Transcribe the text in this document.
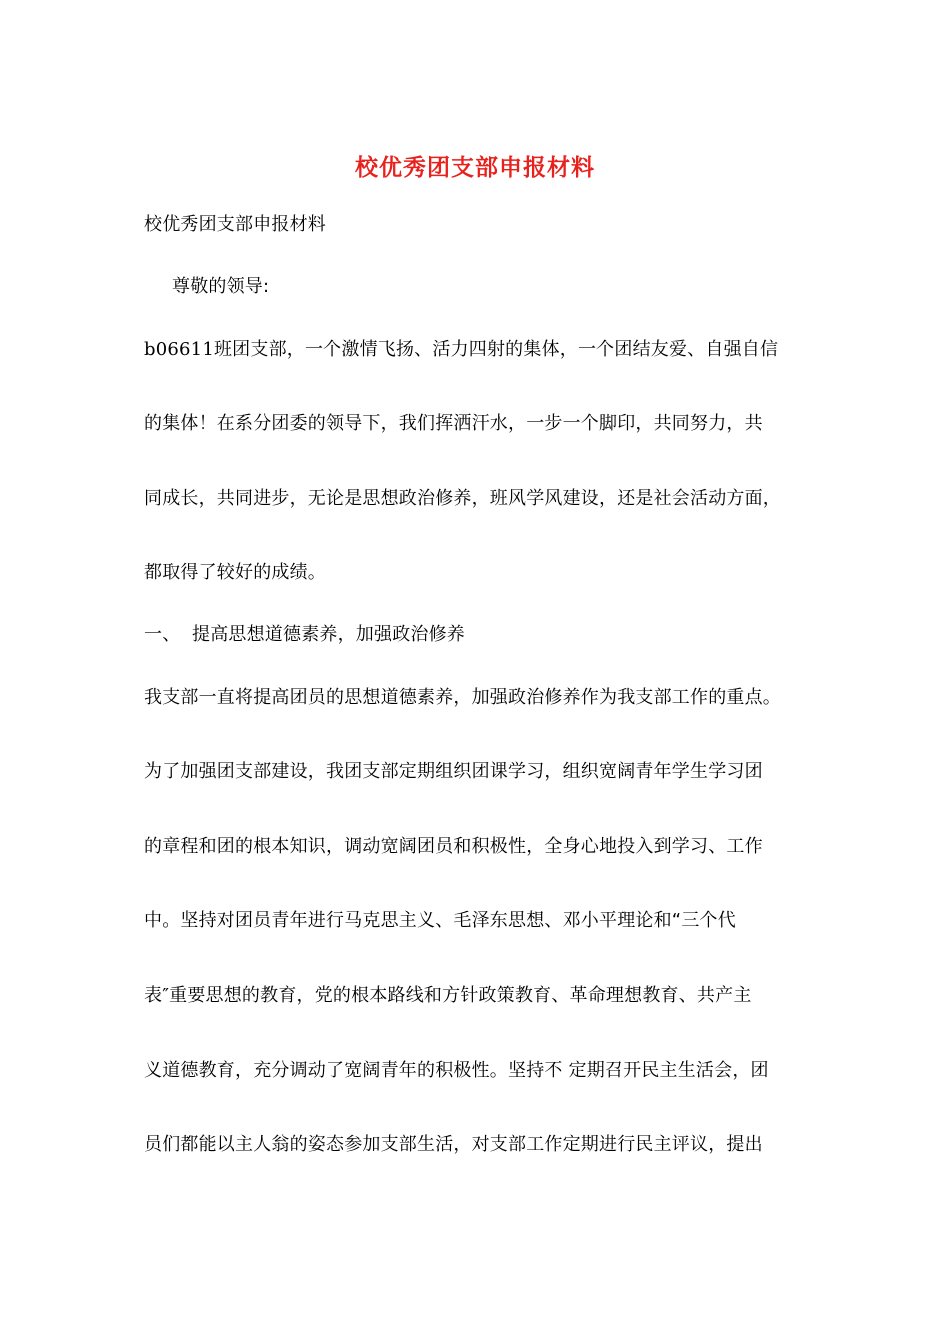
校优秀团支部申报材料
校优秀团支部申报材料
尊敬的领导:
b06611班团支部，一个激情飞扬、活力四射的集体，一个团结友爱、自强自信
的集体！在系分团委的领导下，我们挥洒汗水，一步一个脚印，共同努力，共
同成长，共同进步，无论是思想政治修养，班风学风建设，还是社会活动方面，
都取得了较好的成绩。
一、 提高思想道德素养，加强政治修养
我支部一直将提高团员的思想道德素养，加强政治修养作为我支部工作的重点。
为了加强团支部建设，我团支部定期组织团课学习，组织宽阔青年学生学习团
的章程和团的根本知识，调动宽阔团员和积极性，全身心地投入到学习、工作
中。坚持对团员青年进行马克思主义、毛泽东思想、邓小平理论和“三个代
表″重要思想的教育，党的根本路线和方针政策教育、革命理想教育、共产主
义道德教育，充分调动了宽阔青年的积极性。坚持不 定期召开民主生活会，团
员们都能以主人翁的姿态参加支部生活，对支部工作定期进行民主评议，提出
